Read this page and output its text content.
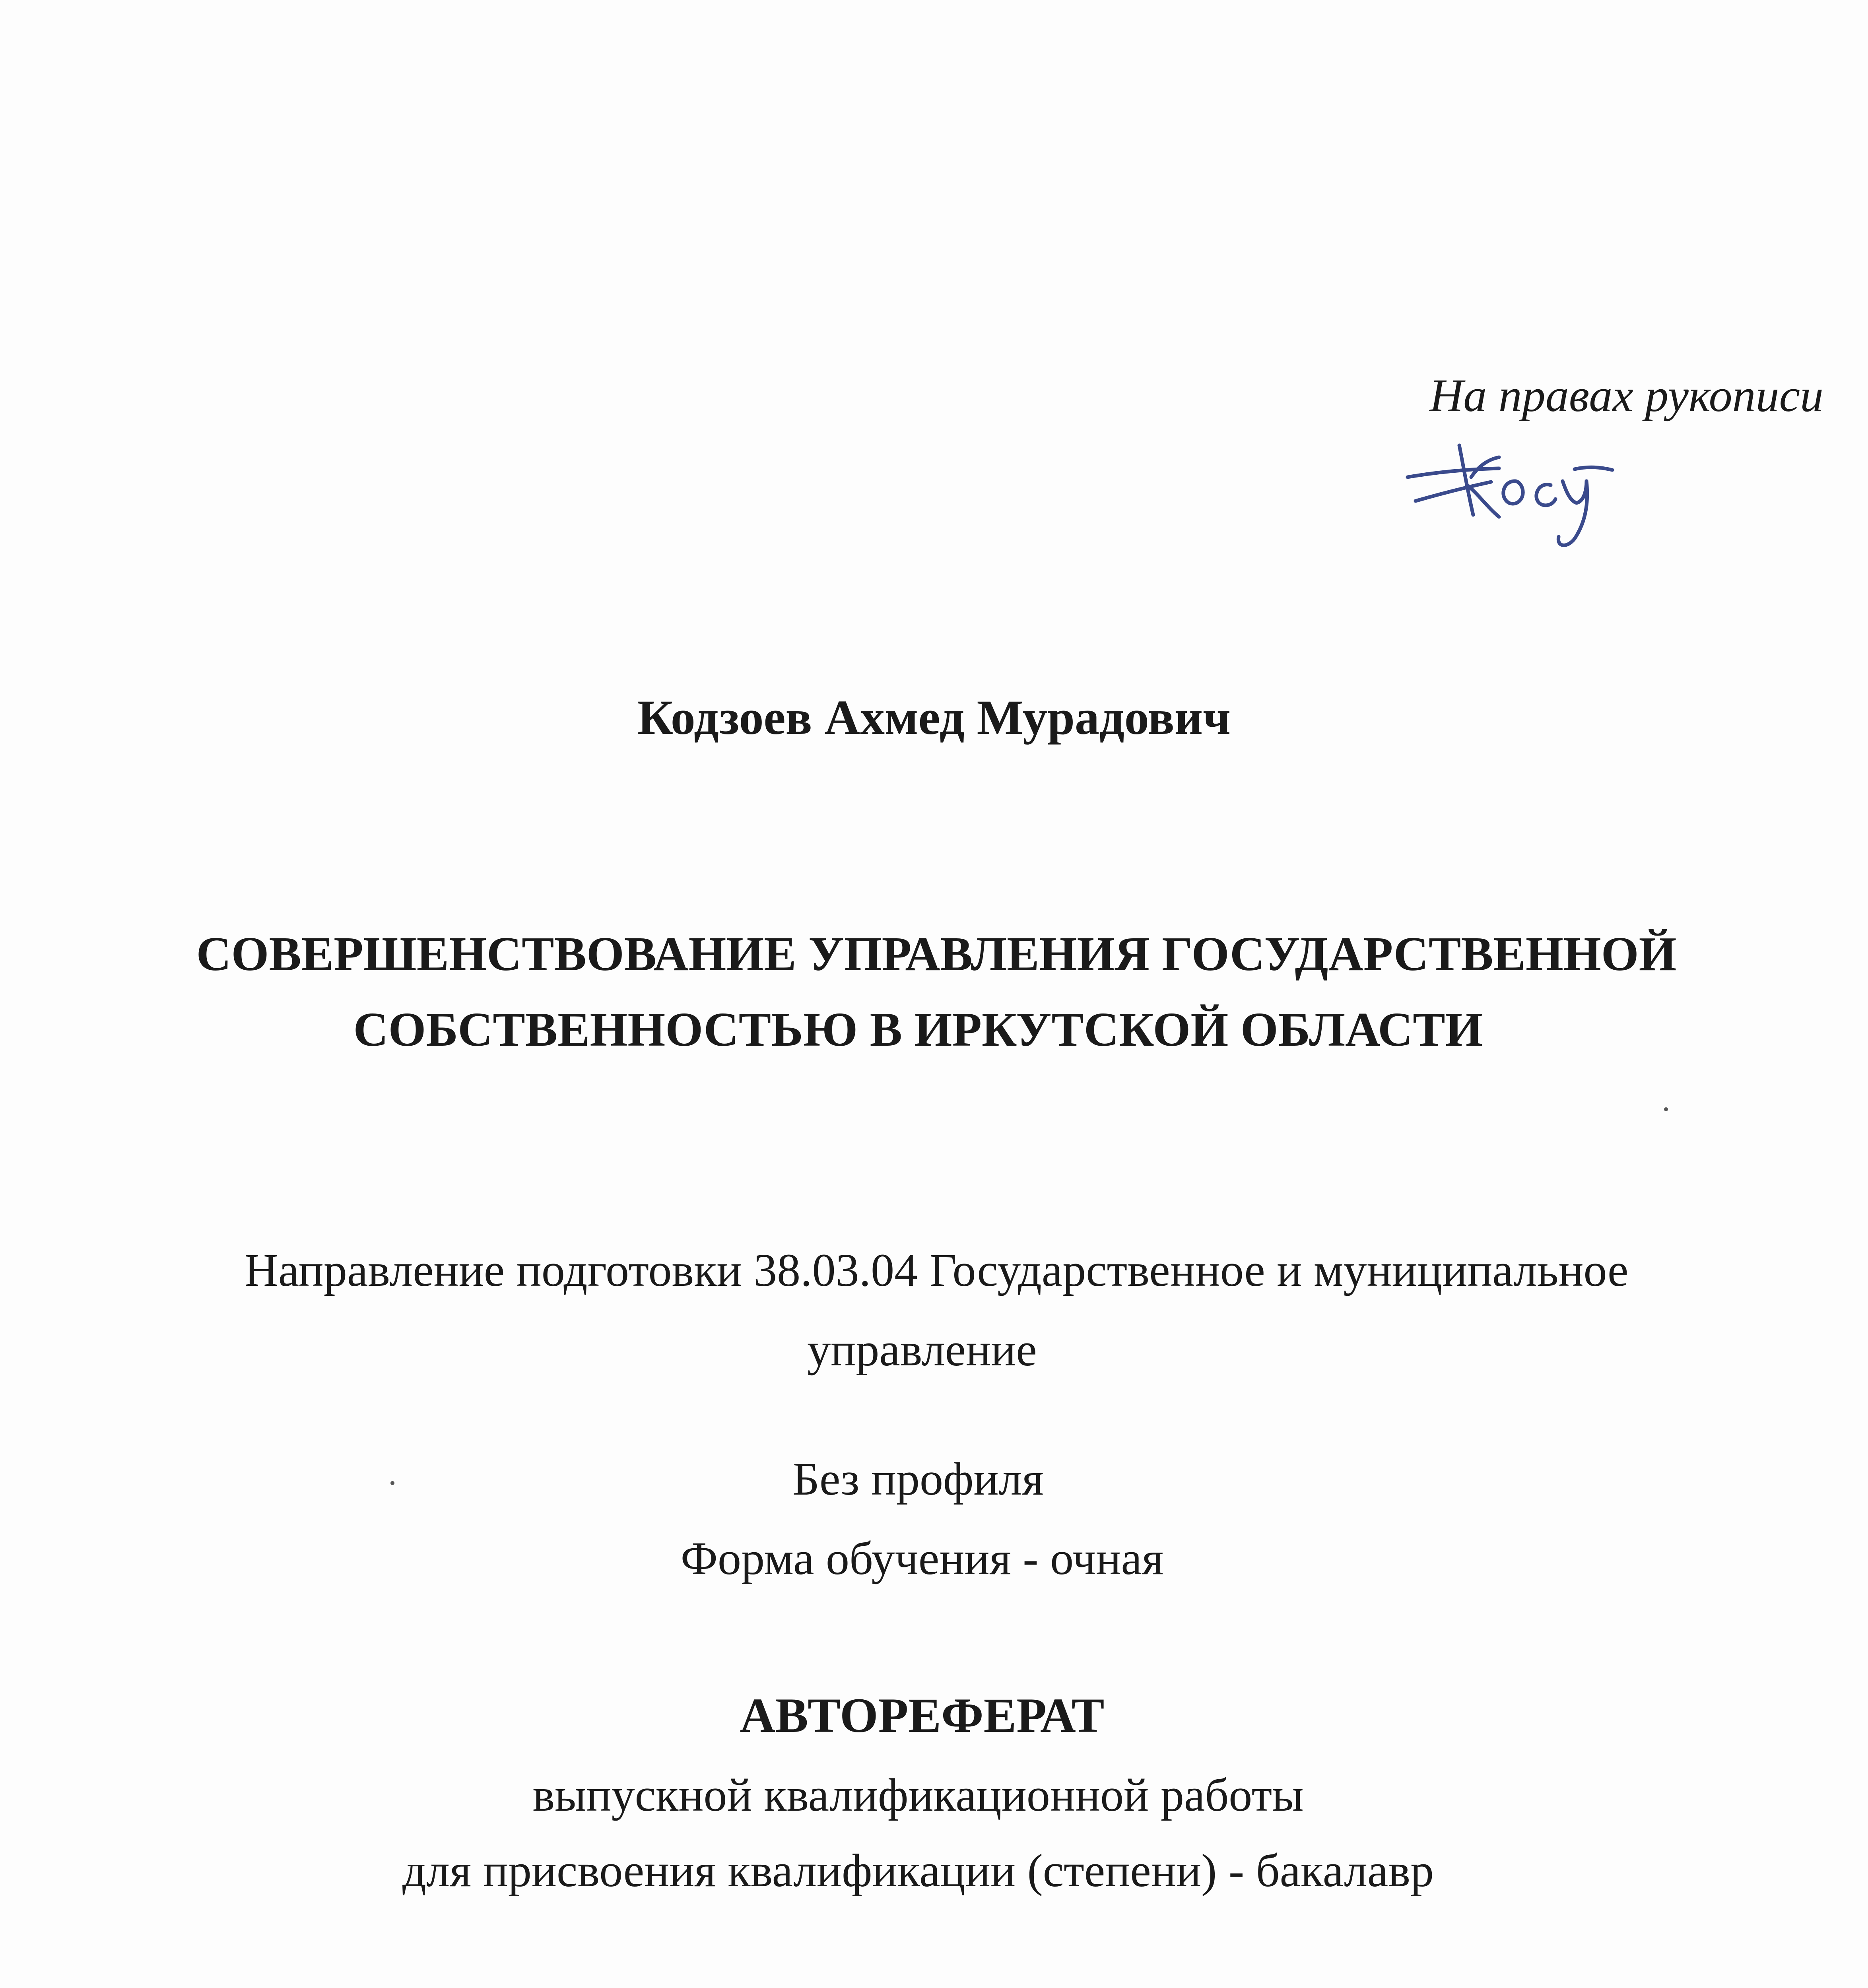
На правах рукописи
Кодзоев Ахмед Мурадович
СОВЕРШЕНСТВОВАНИЕ УПРАВЛЕНИЯ ГОСУДАРСТВЕННОЙ
СОБСТВЕННОСТЬЮ В ИРКУТСКОЙ ОБЛАСТИ
Направление подготовки 38.03.04 Государственное и муниципальное
управление
Без профиля
Форма обучения - очная
АВТОРЕФЕРАТ
выпускной квалификационной работы
для присвоения квалификации (степени) - бакалавр
